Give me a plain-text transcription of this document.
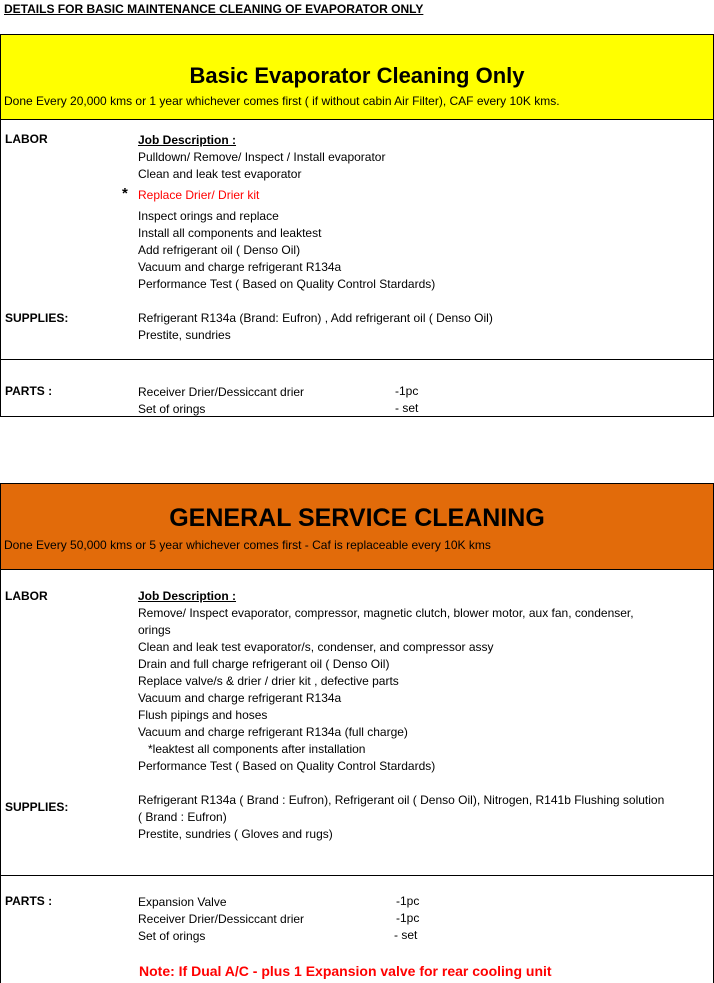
DETAILS FOR BASIC MAINTENANCE CLEANING OF EVAPORATOR ONLY
Basic Evaporator Cleaning Only
Done Every 20,000 kms or 1 year whichever comes first ( if without cabin Air Filter), CAF every 10K kms.
LABOR	Job Description :
Pulldown/ Remove/ Inspect / Install evaporator
Clean and leak test evaporator
* Replace Drier/ Drier kit
Inspect orings and replace
Install all components and leaktest
Add refrigerant oil ( Denso Oil)
Vacuum and charge refrigerant R134a
Performance Test ( Based on Quality Control Stardards)
SUPPLIES:	Refrigerant R134a (Brand: Eufron) , Add refrigerant oil ( Denso Oil)
Prestite, sundries
PARTS :	Receiver Drier/Dessiccant drier	-1pc
Set of orings	- set
GENERAL SERVICE CLEANING
Done Every 50,000 kms or 5 year whichever comes first - Caf is replaceable every 10K kms
LABOR	Job Description :
Remove/ Inspect evaporator, compressor, magnetic clutch, blower motor, aux fan, condenser,
orings
Clean and leak test evaporator/s, condenser, and compressor assy
Drain and full charge refrigerant oil ( Denso Oil)
Replace valve/s & drier / drier kit , defective parts
Vacuum and charge refrigerant R134a
Flush pipings and hoses
Vacuum and charge refrigerant R134a (full charge)
*leaktest all components after installation
Performance Test ( Based on Quality Control Stardards)
SUPPLIES:	Refrigerant R134a ( Brand : Eufron), Refrigerant oil ( Denso Oil), Nitrogen, R141b Flushing solution
( Brand : Eufron)
Prestite, sundries ( Gloves and rugs)
PARTS :	Expansion Valve	-1pc
Receiver Drier/Dessiccant drier	-1pc
Set of orings	- set
Note: If Dual A/C - plus 1 Expansion valve for rear cooling unit
